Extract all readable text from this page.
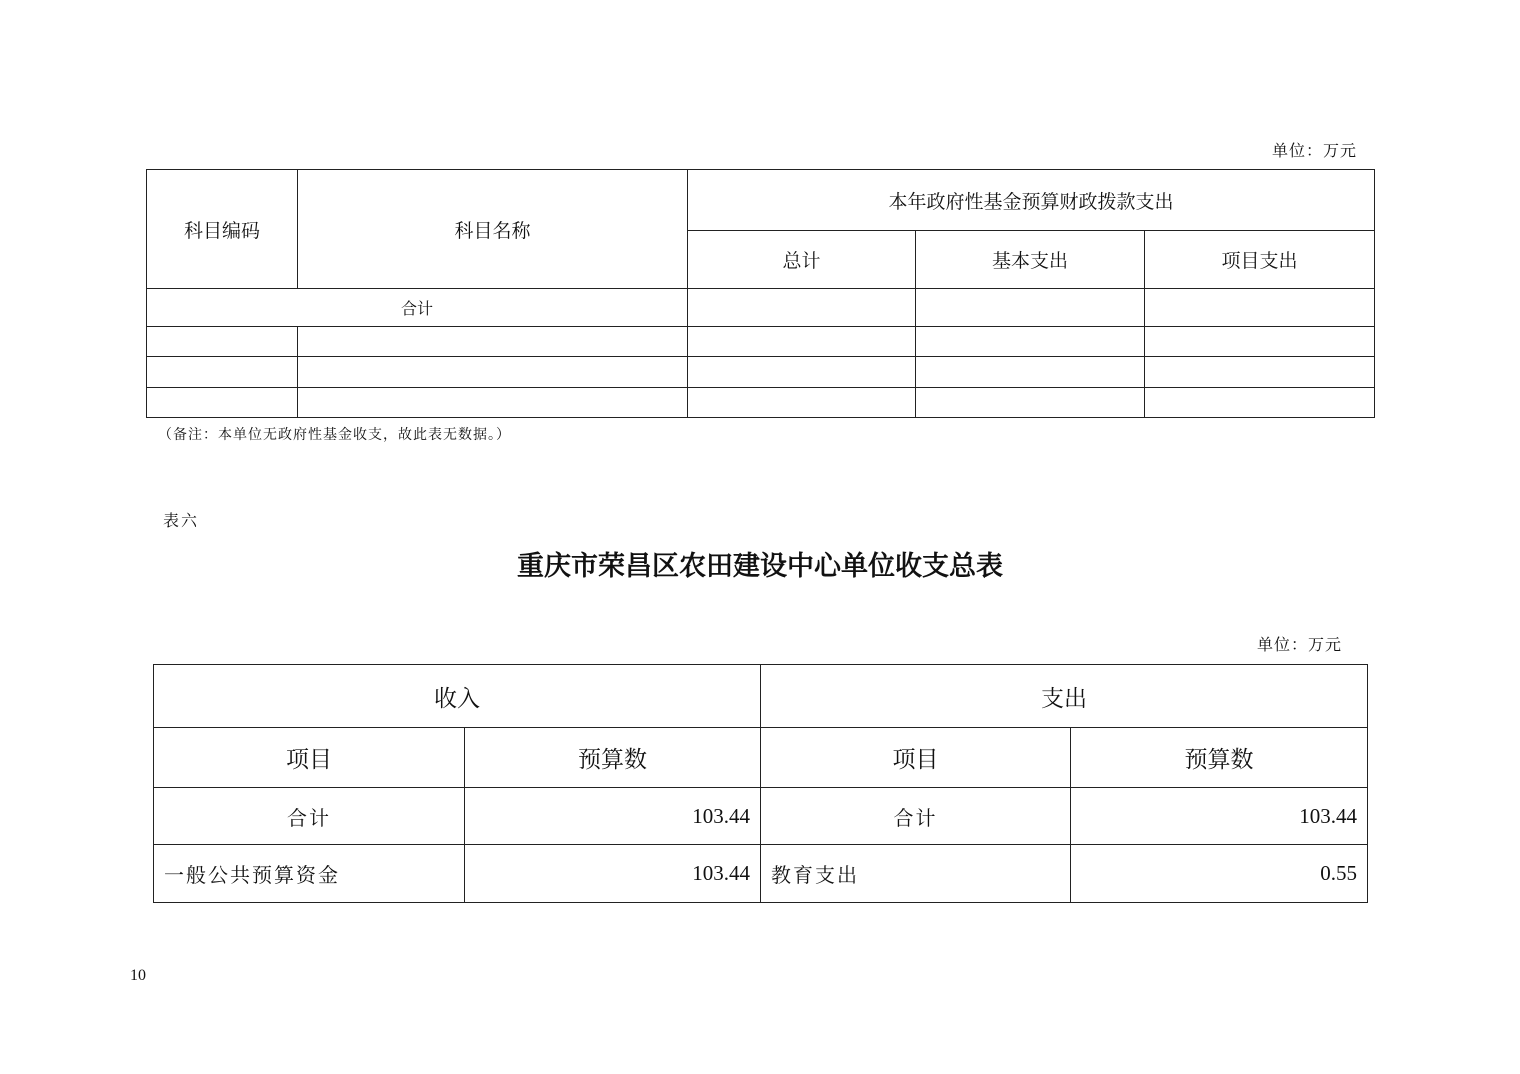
单位：万元
科目编码	科目名称	本年政府性基金预算财政拨款支出		
		总计	基本支出	项目支出
合计				

（备注：本单位无政府性基金收支，故此表无数据。）
表六
重庆市荣昌区农田建设中心单位收支总表
单位：万元
收入		支出	
项目	预算数	项目	预算数
合计	103.44	合计	103.44
一般公共预算资金	103.44	教育支出	0.55
10
